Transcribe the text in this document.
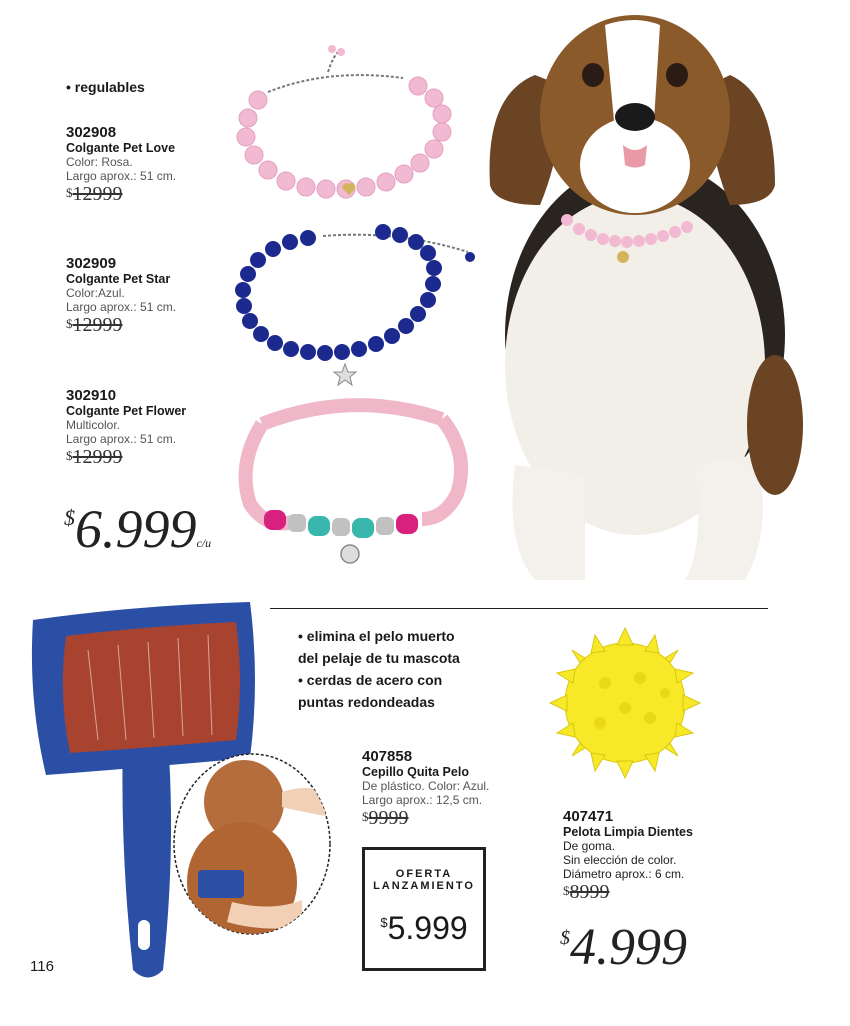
• regulables
302908
Colgante Pet Love
Color: Rosa.
Largo aprox.: 51 cm.
$12999
302909
Colgante Pet Star
Color:Azul.
Largo aprox.: 51 cm.
$12999
302910
Colgante Pet Flower
Multicolor.
Largo aprox.: 51 cm.
$12999
$6.999c/u
• elimina el pelo muerto
del pelaje de tu mascota
• cerdas de acero con
puntas redondeadas
407858
Cepillo Quita Pelo
De plástico. Color: Azul.
Largo aprox.: 12,5 cm.
$9999
OFERTA
LANZAMIENTO
$5.999
407471
Pelota Limpia Dientes
De goma.
Sin elección de color.
Diámetro aprox.: 6 cm.
$8999
$4.999
116
